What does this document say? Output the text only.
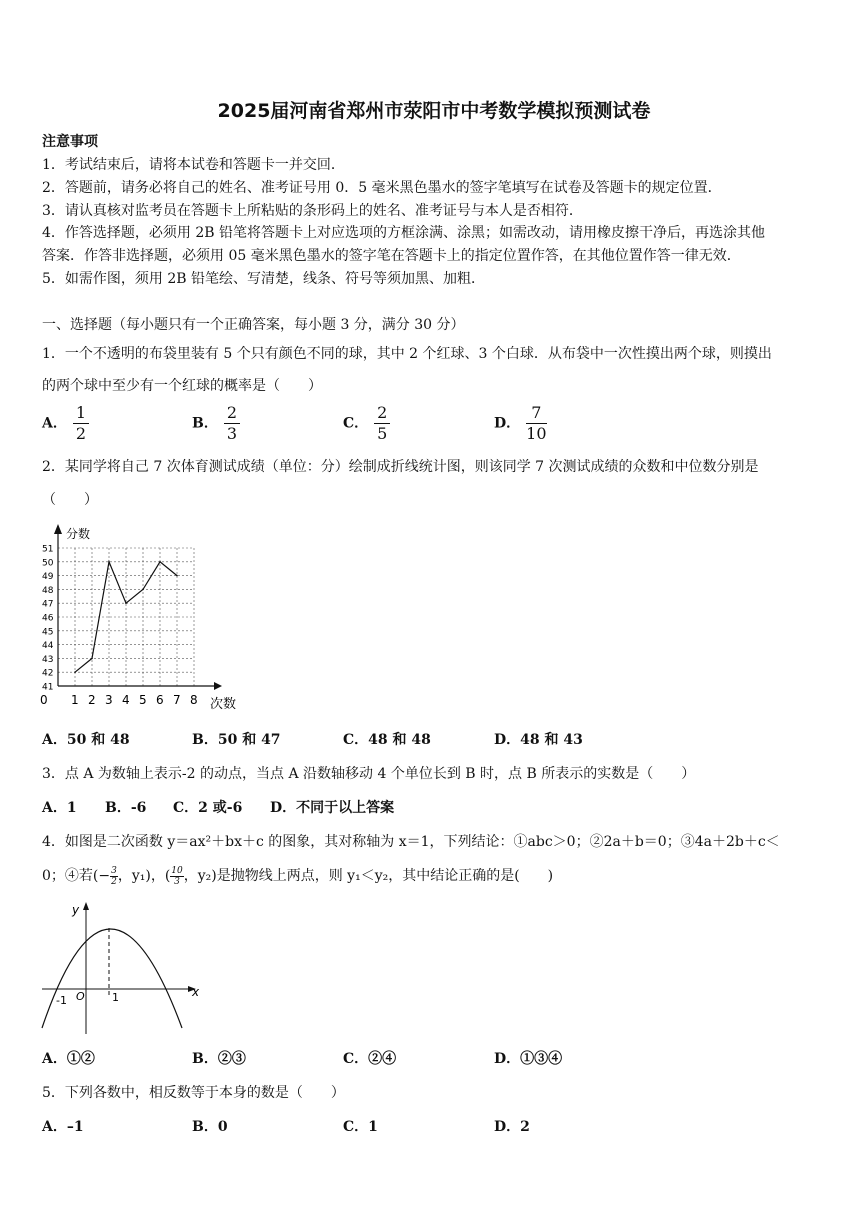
2025届河南省郑州市荥阳市中考数学模拟预测试卷
注意事项
1．考试结束后，请将本试卷和答题卡一并交回．
2．答题前，请务必将自己的姓名、准考证号用 0．5 毫米黑色墨水的签字笔填写在试卷及答题卡的规定位置．
3．请认真核对监考员在答题卡上所粘贴的条形码上的姓名、准考证号与本人是否相符．
4．作答选择题，必须用 2B 铅笔将答题卡上对应选项的方框涂满、涂黑；如需改动，请用橡皮擦干净后，再选涂其他
答案．作答非选择题，必须用 05 毫米黑色墨水的签字笔在答题卡上的指定位置作答，在其他位置作答一律无效．
5．如需作图，须用 2B 铅笔绘、写清楚，线条、符号等须加黑、加粗．
一、选择题（每小题只有一个正确答案，每小题 3 分，满分 30 分）
1．一个不透明的布袋里装有 5 个只有颜色不同的球，其中 2 个红球、3 个白球．从布袋中一次性摸出两个球，则摸出
的两个球中至少有一个红球的概率是（　　）
A． $\frac{1}{2}$	B． $\frac{2}{3}$	C． $\frac{2}{5}$	D． $\frac{7}{10}$
2．某同学将自己 7 次体育测试成绩（单位：分）绘制成折线统计图，则该同学 7 次测试成绩的众数和中位数分别是
（　　）
分数
次数
41
42
43
44
45
46
47
48
49
50
51
0 1 2 3 4 5 6 7 8
A．50 和 48	B．50 和 47	C．48 和 48	D．48 和 43
3．点 A 为数轴上表示-2 的动点，当点 A 沿数轴移动 4 个单位长到 B 时，点 B 所表示的实数是（　　）
A．1 B．-6 C．2 或-6 D．不同于以上答案
4．如图是二次函数 y＝ax²＋bx＋c 的图象，其对称轴为 x＝1，下列结论：①abc＞0；②2a＋b＝0；③4a＋2b＋c＜
0；④若(− $\frac{3}{2}$ ，y₁)，( $\frac{10}{3}$ ，y₂)是抛物线上两点，则 y₁＜y₂，其中结论正确的是(　　)
y
x
O
-1	1
A．①②	B．②③	C．②④	D．①③④
5．下列各数中，相反数等于本身的数是（　　）
A．–1	B．0	C．1	D．2
